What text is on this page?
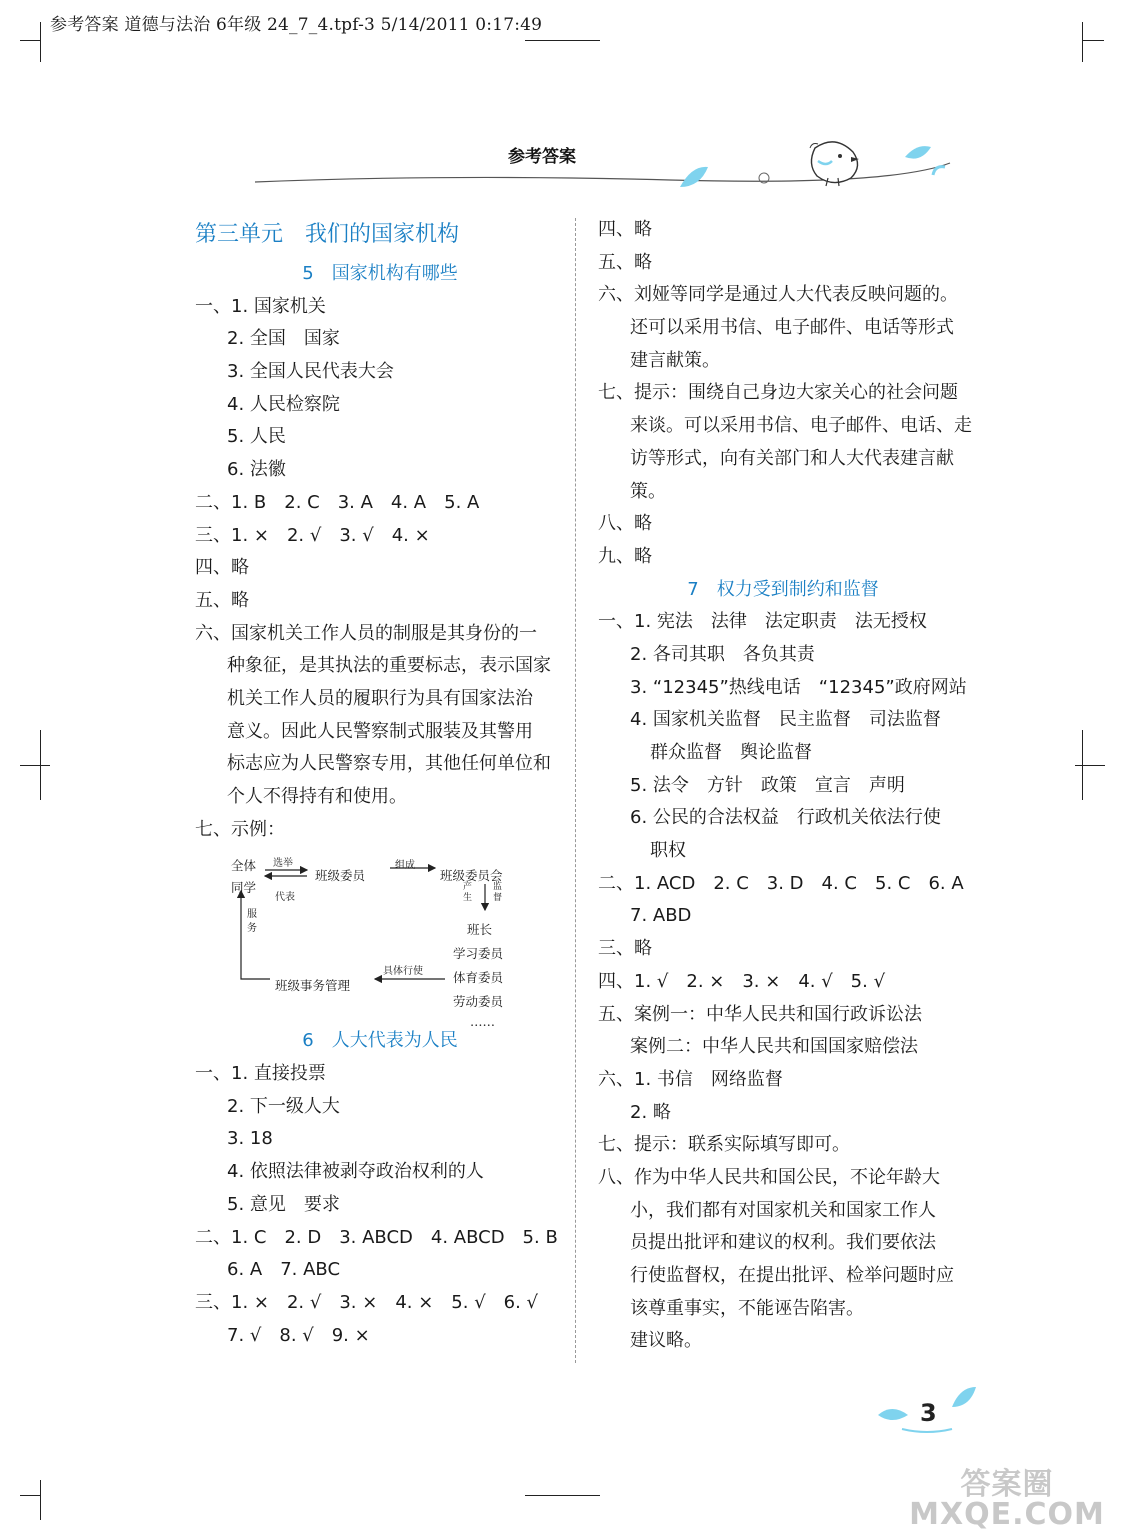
参考答案 道德与法治 6年级 24_7_4.tpf-3 5/14/2011 0:17:49
参考答案
第三单元　我们的国家机构
5　国家机构有哪些
一、1. 国家机关
2. 全国　国家
3. 全国人民代表大会
4. 人民检察院
5. 人民
6. 法徽
二、1. B　2. C　3. A　4. A　5. A
三、1. ×　2. √　3. √　4. ×
四、略
五、略
六、国家机关工作人员的制服是其身份的一
种象征，是其执法的重要标志，表示国家
机关工作人员的履职行为具有国家法治
意义。因此人民警察制式服装及其警用
标志应为人民警察专用，其他任何单位和
个人不得持有和使用。
七、示例：
全体
同学
选举
代表
班级委员
组成
班级委员会
产生
监督
班长
学习委员
体育委员
劳动委员
……
具体行使
班级事务管理
服务
6　人大代表为人民
一、1. 直接投票
2. 下一级人大
3. 18
4. 依照法律被剥夺政治权利的人
5. 意见　要求
二、1. C　2. D　3. ABCD　4. ABCD　5. B
6. A　7. ABC
三、1. ×　2. √　3. ×　4. ×　5. √　6. √
7. √　8. √　9. ×
四、略
五、略
六、刘娅等同学是通过人大代表反映问题的。
还可以采用书信、电子邮件、电话等形式
建言献策。
七、提示：围绕自己身边大家关心的社会问题
来谈。可以采用书信、电子邮件、电话、走
访等形式，向有关部门和人大代表建言献
策。
八、略
九、略
7　权力受到制约和监督
一、1. 宪法　法律　法定职责　法无授权
2. 各司其职　各负其责
3. “12345”热线电话　“12345”政府网站
4. 国家机关监督　民主监督　司法监督
群众监督　舆论监督
5. 法令　方针　政策　宣言　声明
6. 公民的合法权益　行政机关依法行使
职权
二、1. ACD　2. C　3. D　4. C　5. C　6. A
7. ABD
三、略
四、1. √　2. ×　3. ×　4. √　5. √
五、案例一：中华人民共和国行政诉讼法
案例二：中华人民共和国国家赔偿法
六、1. 书信　网络监督
2. 略
七、提示：联系实际填写即可。
八、作为中华人民共和国公民，不论年龄大
小，我们都有对国家机关和国家工作人
员提出批评和建议的权利。我们要依法
行使监督权，在提出批评、检举问题时应
该尊重事实，不能诬告陷害。
建议略。
3
答案圈 MXQE.COM
